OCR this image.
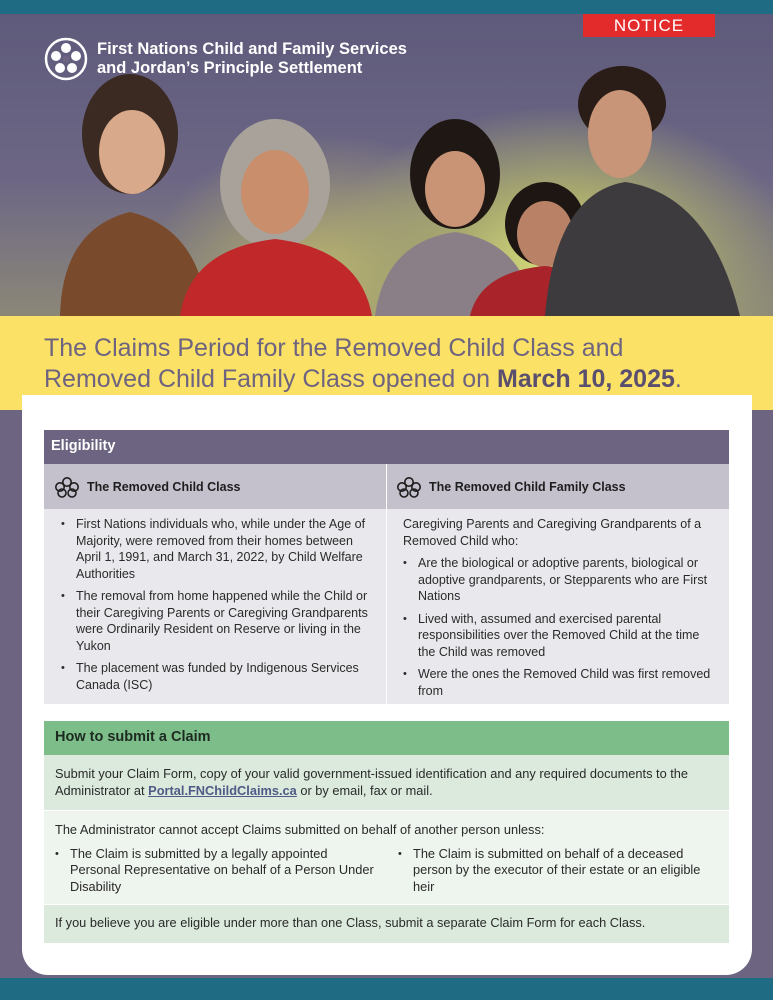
NOTICE
First Nations Child and Family Services
and Jordan’s Principle Settlement
The Claims Period for the Removed Child Class and
Removed Child Family Class opened on March 10, 2025.
Eligibility
The Removed Child Class
• First Nations individuals who, while under the Age of Majority, were removed from their homes between April 1, 1991, and March 31, 2022, by Child Welfare Authorities
• The removal from home happened while the Child or their Caregiving Parents or Caregiving Grandparents were Ordinarily Resident on Reserve or living in the Yukon
• The placement was funded by Indigenous Services Canada (ISC)
The Removed Child Family Class
Caregiving Parents and Caregiving Grandparents of a Removed Child who:
• Are the biological or adoptive parents, biological or adoptive grandparents, or Stepparents who are First Nations
• Lived with, assumed and exercised parental responsibilities over the Removed Child at the time the Child was removed
• Were the ones the Removed Child was first removed from
How to submit a Claim
Submit your Claim Form, copy of your valid government-issued identification and any required documents to the Administrator at Portal.FNChildClaims.ca or by email, fax or mail.
The Administrator cannot accept Claims submitted on behalf of another person unless:
• The Claim is submitted by a legally appointed Personal Representative on behalf of a Person Under Disability
• The Claim is submitted on behalf of a deceased person by the executor of their estate or an eligible heir
If you believe you are eligible under more than one Class, submit a separate Claim Form for each Class.
